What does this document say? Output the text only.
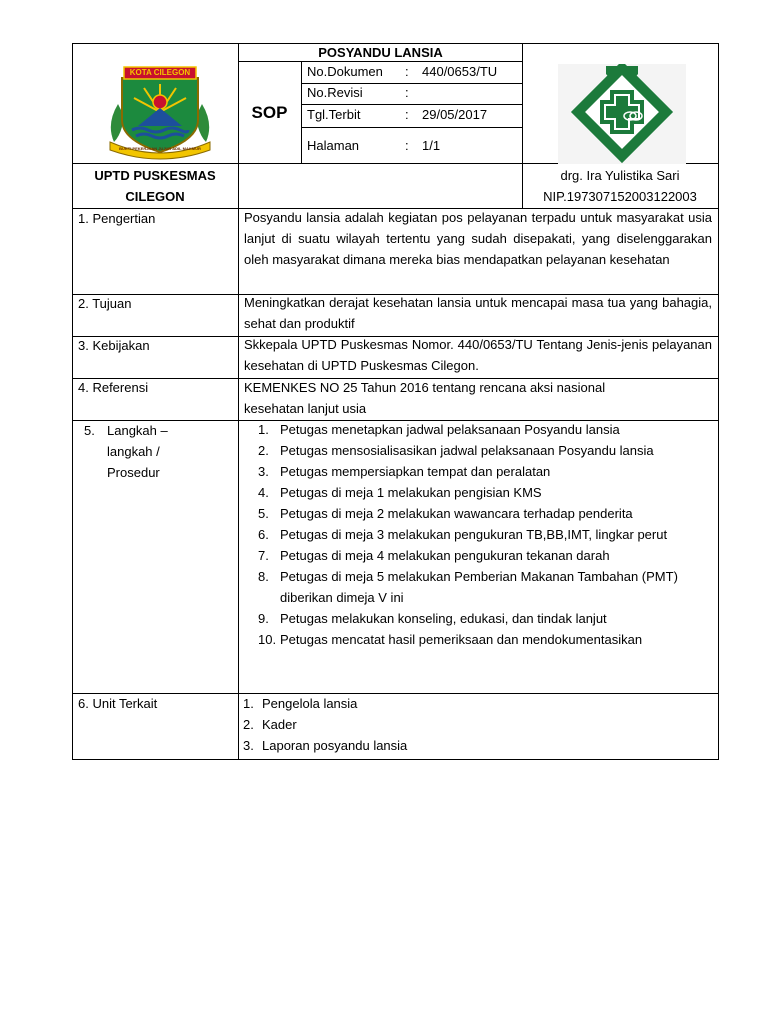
KOTA CILEGON
BUKTI PEKERJAAN JUJUR ADIL MAKMUR
POSYANDU LANSIA
SOP
No.Dokumen : 440/0653/TU
No.Revisi	:
Tgl.Terbit	: 29/05/2017
Halaman	: 1/1
UPTD PUSKESMAS
CILEGON
drg. Ira Yulistika Sari
NIP.197307152003122003
1. Pengertian	Posyandu lansia adalah kegiatan pos pelayanan terpadu untuk masyarakat usia lanjut di suatu wilayah tertentu yang sudah disepakati, yang diselenggarakan oleh masyarakat dimana mereka bias mendapatkan pelayanan kesehatan
2. Tujuan	Meningkatkan derajat kesehatan lansia untuk mencapai masa tua yang bahagia, sehat dan produktif
3. Kebijakan	Skkepala UPTD Puskesmas Nomor. 440/0653/TU Tentang Jenis-jenis pelayanan kesehatan di UPTD Puskesmas Cilegon.
4. Referensi	KEMENKES NO 25 Tahun 2016 tentang rencana aksi nasional
kesehatan lanjut usia
5. Langkah –
langkah /
Prosedur
1. Petugas menetapkan jadwal pelaksanaan Posyandu lansia
2. Petugas mensosialisasikan jadwal pelaksanaan Posyandu lansia
3. Petugas mempersiapkan tempat dan peralatan
4. Petugas di meja 1 melakukan pengisian KMS
5. Petugas di meja 2 melakukan wawancara terhadap penderita
6. Petugas di meja 3 melakukan pengukuran TB,BB,IMT, lingkar perut
7. Petugas di meja 4 melakukan pengukuran tekanan darah
8. Petugas di meja 5 melakukan Pemberian Makanan Tambahan (PMT) diberikan dimeja V ini
9. Petugas melakukan konseling, edukasi, dan tindak lanjut
10. Petugas mencatat hasil pemeriksaan dan mendokumentasikan
6. Unit Terkait	1. Pengelola lansia
2. Kader
3. Laporan posyandu lansia
